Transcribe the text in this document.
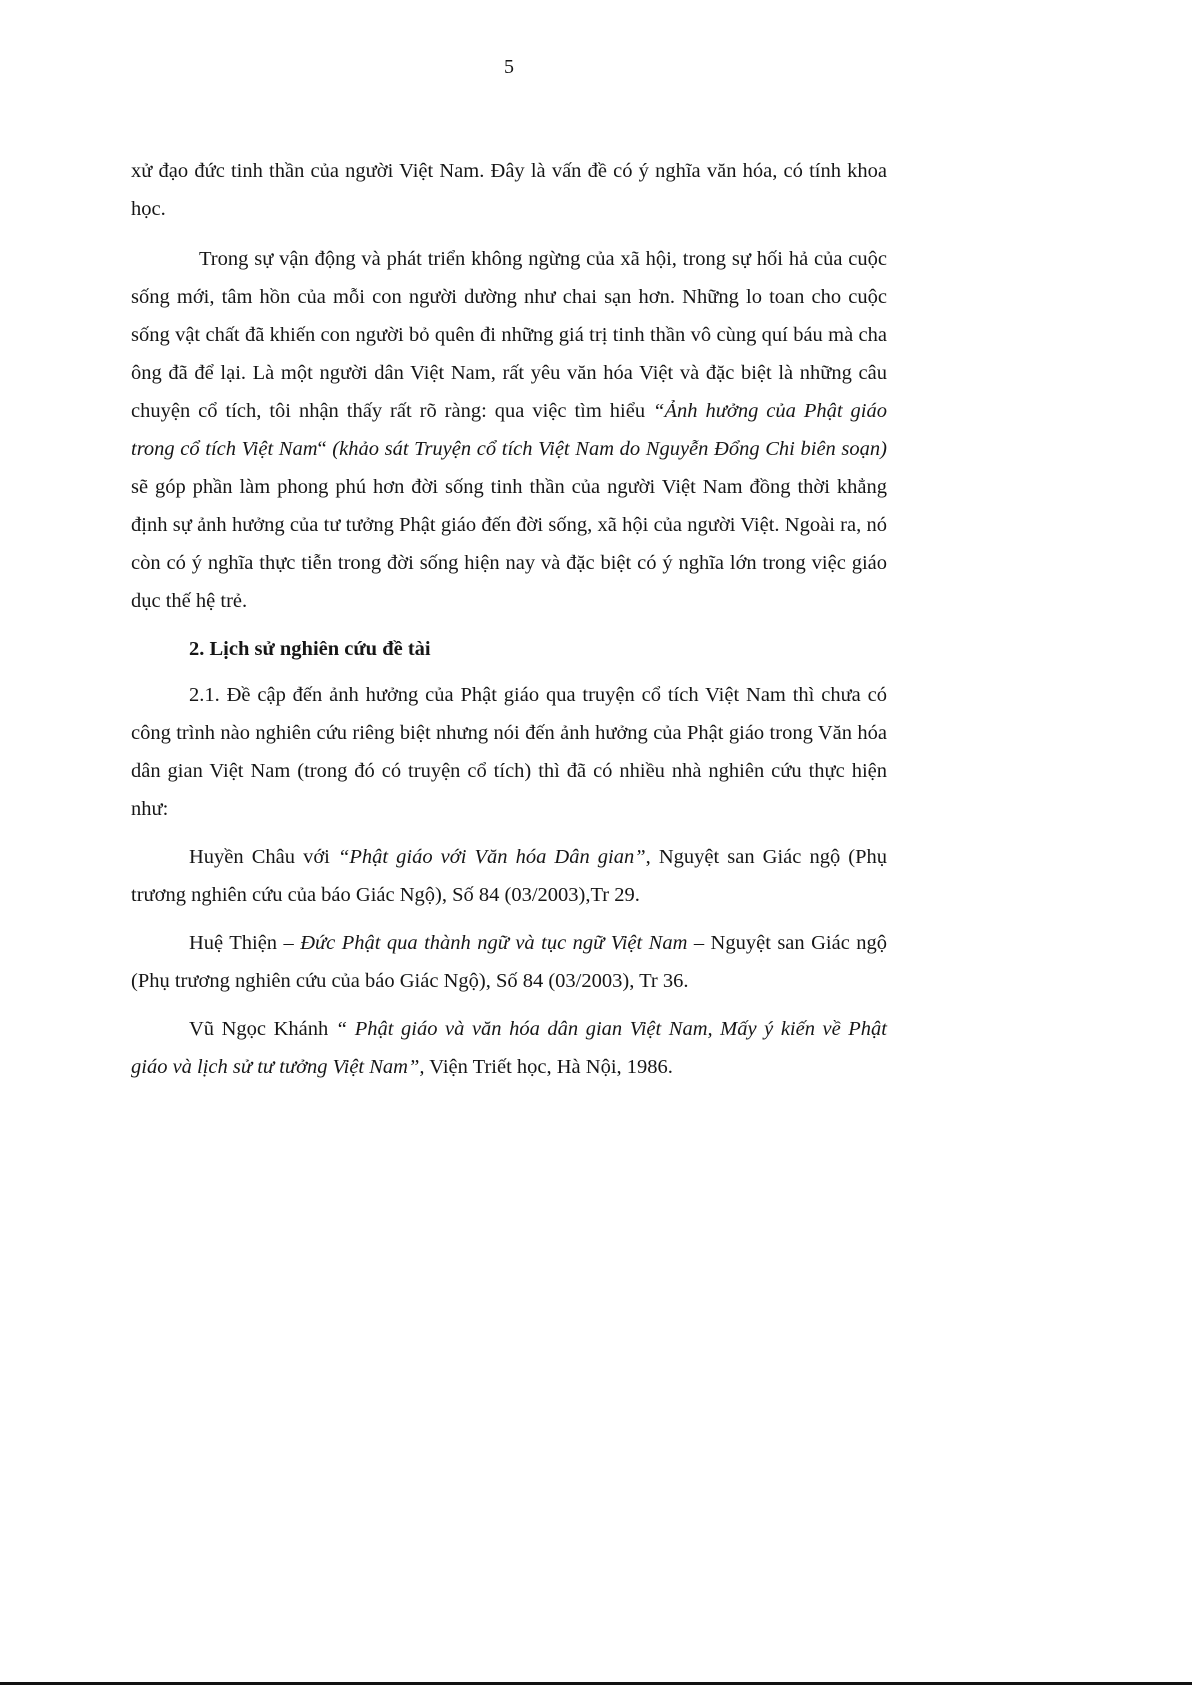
5

xử đạo đức tinh thần của người Việt Nam. Đây là vấn đề có ý nghĩa văn hóa, có tính khoa học.

Trong sự vận động và phát triển không ngừng của xã hội, trong sự hối hả của cuộc sống mới, tâm hồn của mỗi con người dường như chai sạn hơn. Những lo toan cho cuộc sống vật chất đã khiến con người bỏ quên đi những giá trị tinh thần vô cùng quí báu mà cha ông đã để lại. Là một người dân Việt Nam, rất yêu văn hóa Việt và đặc biệt là những câu chuyện cổ tích, tôi nhận thấy rất rõ ràng: qua việc tìm hiểu “Ảnh hưởng của Phật giáo trong cổ tích Việt Nam“ (khảo sát Truyện cổ tích Việt Nam do Nguyễn Đổng Chi biên soạn) sẽ góp phần làm phong phú hơn đời sống tinh thần của người Việt Nam đồng thời khẳng định sự ảnh hưởng của tư tưởng Phật giáo đến đời sống, xã hội của người Việt. Ngoài ra, nó còn có ý nghĩa thực tiễn trong đời sống hiện nay và đặc biệt có ý nghĩa lớn trong việc giáo dục thế hệ trẻ.

2. Lịch sử nghiên cứu đề tài

2.1. Đề cập đến ảnh hưởng của Phật giáo qua truyện cổ tích Việt Nam thì chưa có công trình nào nghiên cứu riêng biệt nhưng nói đến ảnh hưởng của Phật giáo trong Văn hóa dân gian Việt Nam (trong đó có truyện cổ tích) thì đã có nhiều nhà nghiên cứu thực hiện như:

Huyền Châu với “Phật giáo với Văn hóa Dân gian”, Nguyệt san Giác ngộ (Phụ trương nghiên cứu của báo Giác Ngộ), Số 84 (03/2003),Tr 29.

Huệ Thiện – Đức Phật qua thành ngữ và tục ngữ Việt Nam – Nguyệt san Giác ngộ (Phụ trương nghiên cứu của báo Giác Ngộ), Số 84 (03/2003), Tr 36.

Vũ Ngọc Khánh “ Phật giáo và văn hóa dân gian Việt Nam, Mấy ý kiến về Phật giáo và lịch sử tư tưởng Việt Nam”, Viện Triết học, Hà Nội, 1986.
